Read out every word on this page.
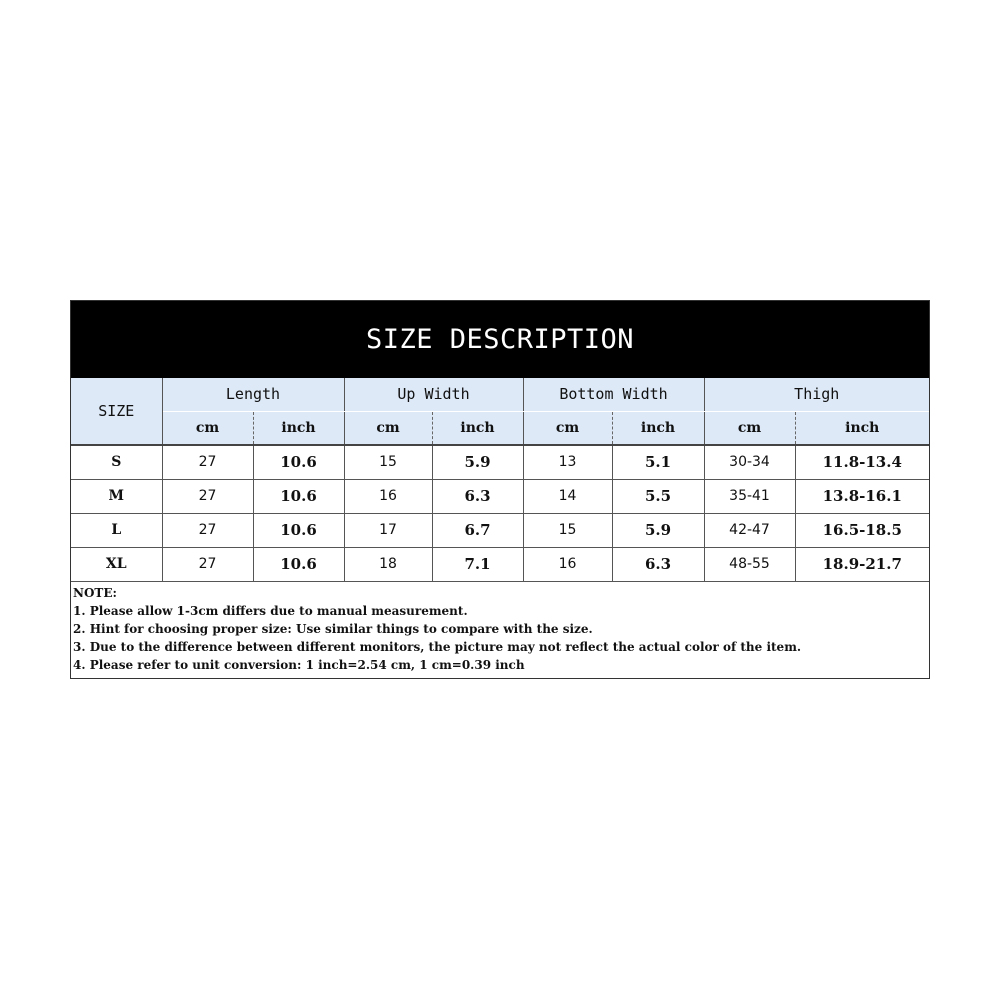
SIZE DESCRIPTION
SIZE	Length		Up Width		Bottom Width		Thigh	
	cm	inch	cm	inch	cm	inch	cm	inch
S	27	10.6	15	5.9	13	5.1	30-34	11.8-13.4
M	27	10.6	16	6.3	14	5.5	35-41	13.8-16.1
L	27	10.6	17	6.7	15	5.9	42-47	16.5-18.5
XL	27	10.6	18	7.1	16	6.3	48-55	18.9-21.7
NOTE:
1. Please allow 1-3cm differs due to manual measurement.
2. Hint for choosing proper size: Use similar things to compare with the size.
3. Due to the difference between different monitors, the picture may not reflect the actual color of the item.
4. Please refer to unit conversion: 1 inch=2.54 cm, 1 cm=0.39 inch
